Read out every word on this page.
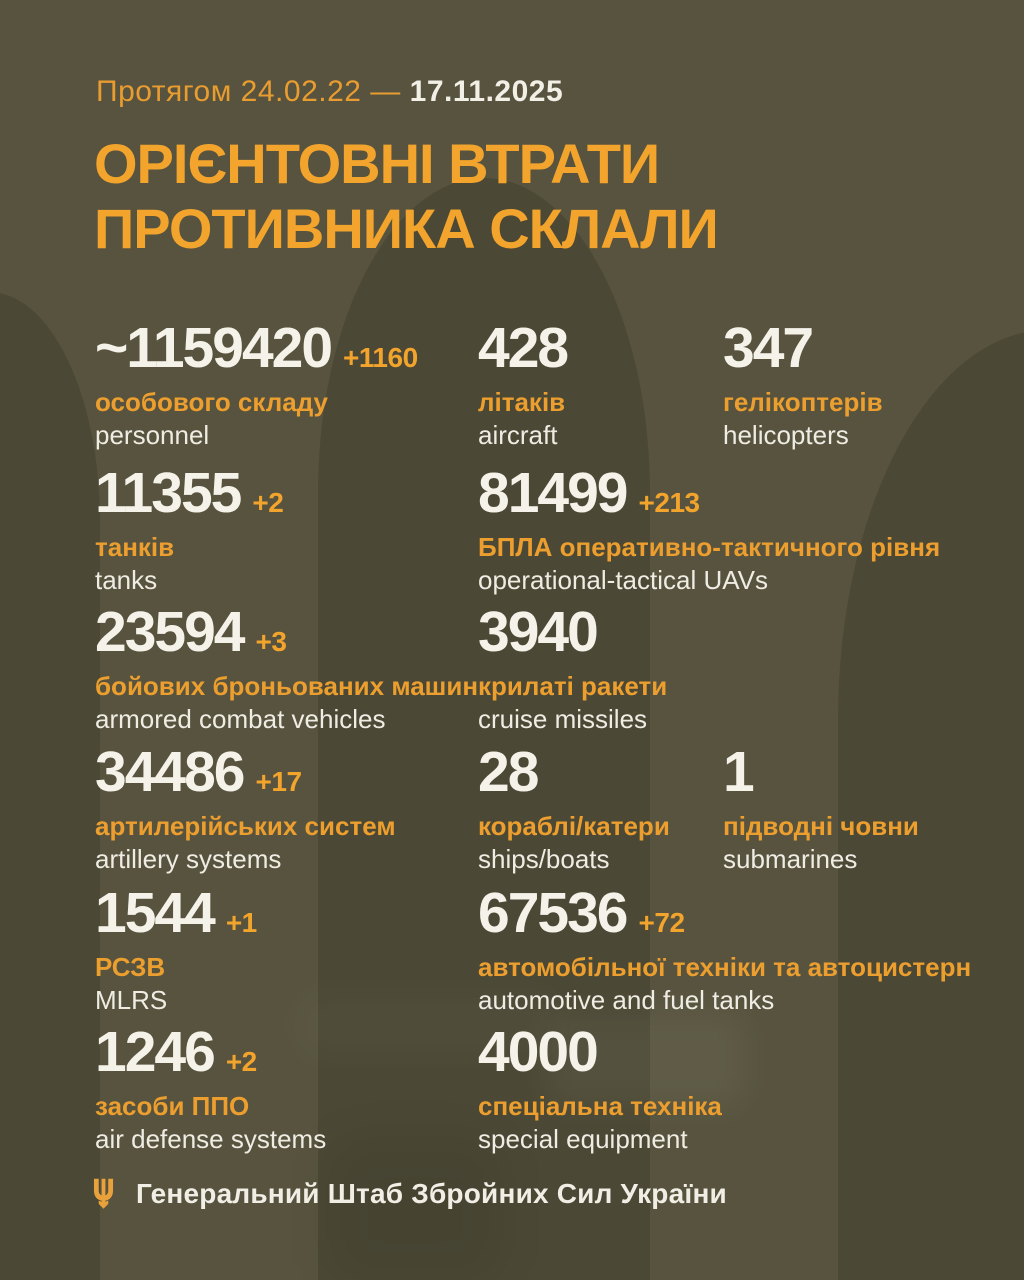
Протягом 24.02.22 — 17.11.2025
ОРІЄНТОВНІ ВТРАТИ
ПРОТИВНИКА СКЛАЛИ
~1159420 +1160
особового складу
personnel
428
літаків
aircraft
347
гелікоптерів
helicopters
11355 +2
танків
tanks
81499 +213
БПЛА оперативно-тактичного рівня
operational-tactical UAVs
23594 +3
бойових броньованих машин
armored combat vehicles
3940
крилаті ракети
cruise missiles
34486 +17
артилерійських систем
artillery systems
28
кораблі/катери
ships/boats
1
підводні човни
submarines
1544 +1
РСЗВ
MLRS
67536 +72
автомобільної техніки та автоцистерн
automotive and fuel tanks
1246 +2
засоби ППО
air defense systems
4000
спеціальна техніка
special equipment
Генеральний Штаб Збройних Сил України
